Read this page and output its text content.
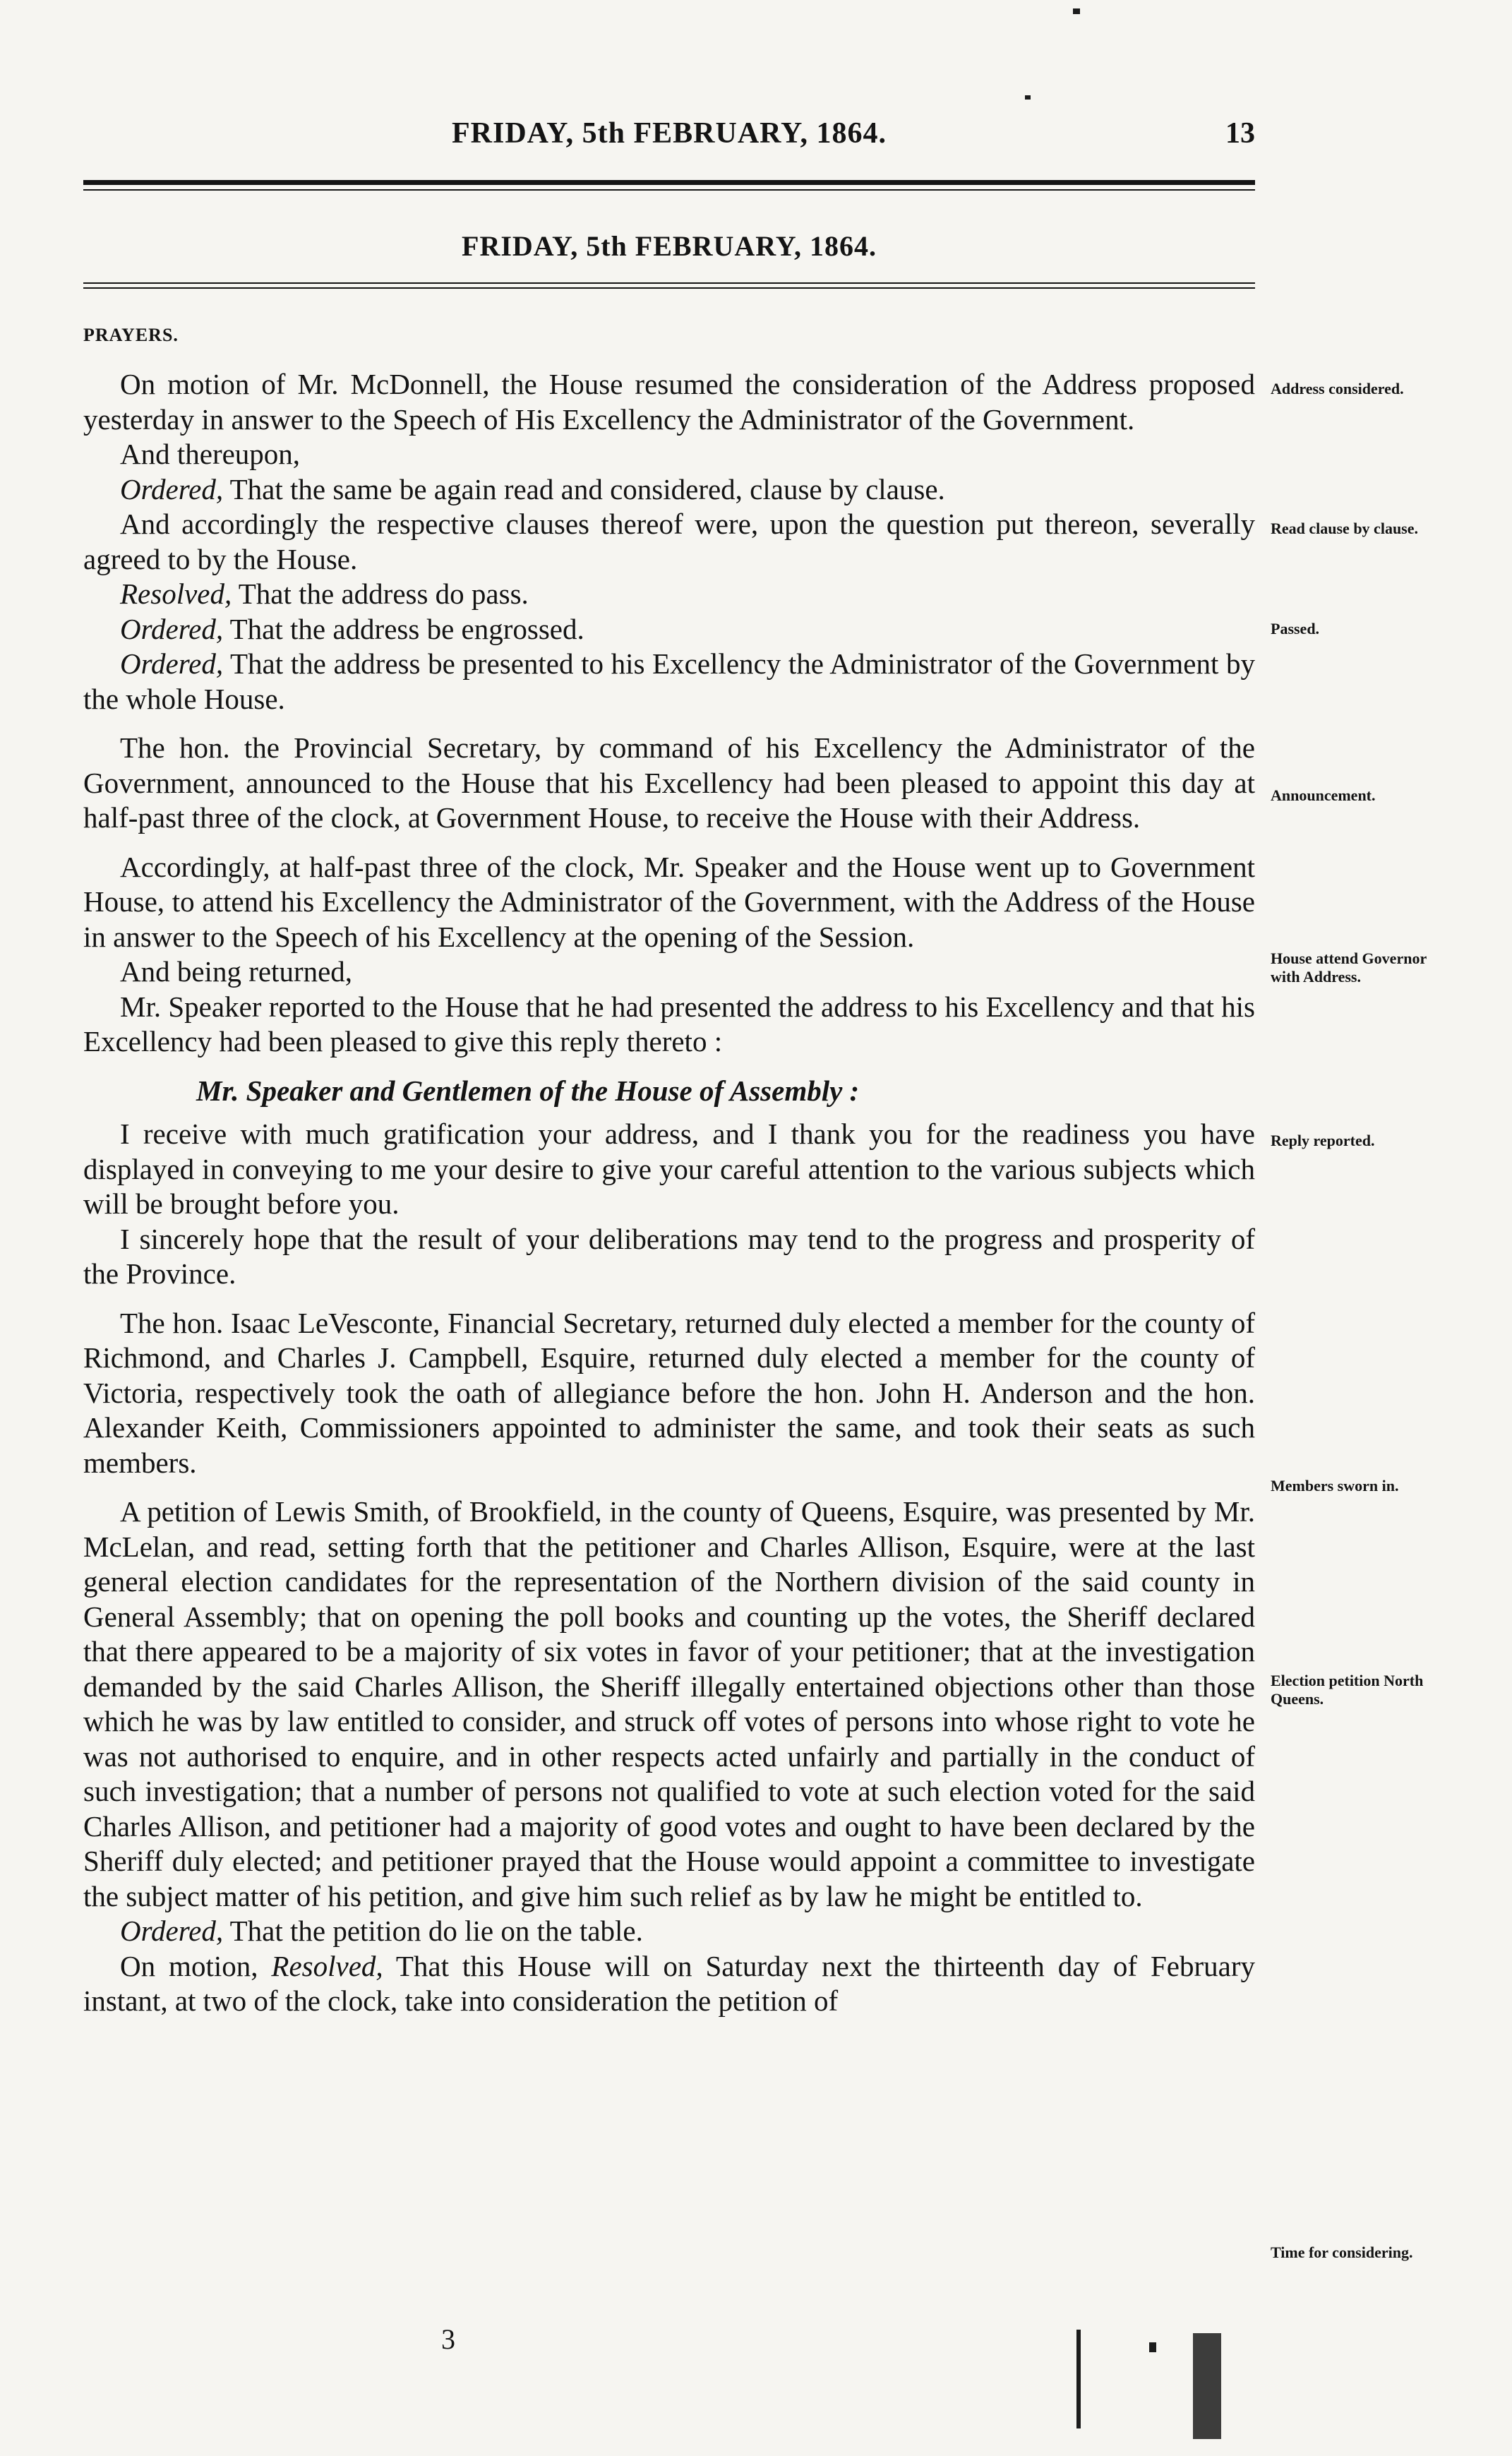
FRIDAY, 5th FEBRUARY, 1864.	13
FRIDAY, 5th FEBRUARY, 1864.
PRAYERS.

On motion of Mr. McDonnell, the House resumed the consideration of the Address proposed yesterday in answer to the Speech of His Excellency the Administrator of the Government.

And thereupon,

Ordered, That the same be again read and considered, clause by clause.

And accordingly the respective clauses thereof were, upon the question put thereon, severally agreed to by the House.

Resolved, That the address do pass.

Ordered, That the address be engrossed.

Ordered, That the address be presented to his Excellency the Administrator of the Government by the whole House.

The hon. the Provincial Secretary, by command of his Excellency the Administrator of the Government, announced to the House that his Excellency had been pleased to appoint this day at half-past three of the clock, at Government House, to receive the House with their Address.

Accordingly, at half-past three of the clock, Mr. Speaker and the House went up to Government House, to attend his Excellency the Administrator of the Government, with the Address of the House in answer to the Speech of his Excellency at the opening of the Session.

And being returned,

Mr. Speaker reported to the House that he had presented the address to his Excellency and that his Excellency had been pleased to give this reply thereto :

Mr. Speaker and Gentlemen of the House of Assembly :

I receive with much gratification your address, and I thank you for the readiness you have displayed in conveying to me your desire to give your careful attention to the various subjects which will be brought before you.

I sincerely hope that the result of your deliberations may tend to the progress and prosperity of the Province.

The hon. Isaac LeVesconte, Financial Secretary, returned duly elected a member for the county of Richmond, and Charles J. Campbell, Esquire, returned duly elected a member for the county of Victoria, respectively took the oath of allegiance before the hon. John H. Anderson and the hon. Alexander Keith, Commissioners appointed to administer the same, and took their seats as such members.

A petition of Lewis Smith, of Brookfield, in the county of Queens, Esquire, was presented by Mr. McLelan, and read, setting forth that the petitioner and Charles Allison, Esquire, were at the last general election candidates for the representation of the Northern division of the said county in General Assembly; that on opening the poll books and counting up the votes, the Sheriff declared that there appeared to be a majority of six votes in favor of your petitioner; that at the investigation demanded by the said Charles Allison, the Sheriff illegally entertained objections other than those which he was by law entitled to consider, and struck off votes of persons into whose right to vote he was not authorised to enquire, and in other respects acted unfairly and partially in the conduct of such investigation; that a number of persons not qualified to vote at such election voted for the said Charles Allison, and petitioner had a majority of good votes and ought to have been declared by the Sheriff duly elected; and petitioner prayed that the House would appoint a committee to investigate the subject matter of his petition, and give him such relief as by law he might be entitled to.

Ordered, That the petition do lie on the table.

On motion, Resolved, That this House will on Saturday next the thirteenth day of February instant, at two of the clock, take into consideration the petition of

Address considered.
Read clause by clause.
Passed.
Announcement.
House attend Governor with Address.
Reply reported.
Members sworn in.
Election petition North Queens.
Time for considering.
3
